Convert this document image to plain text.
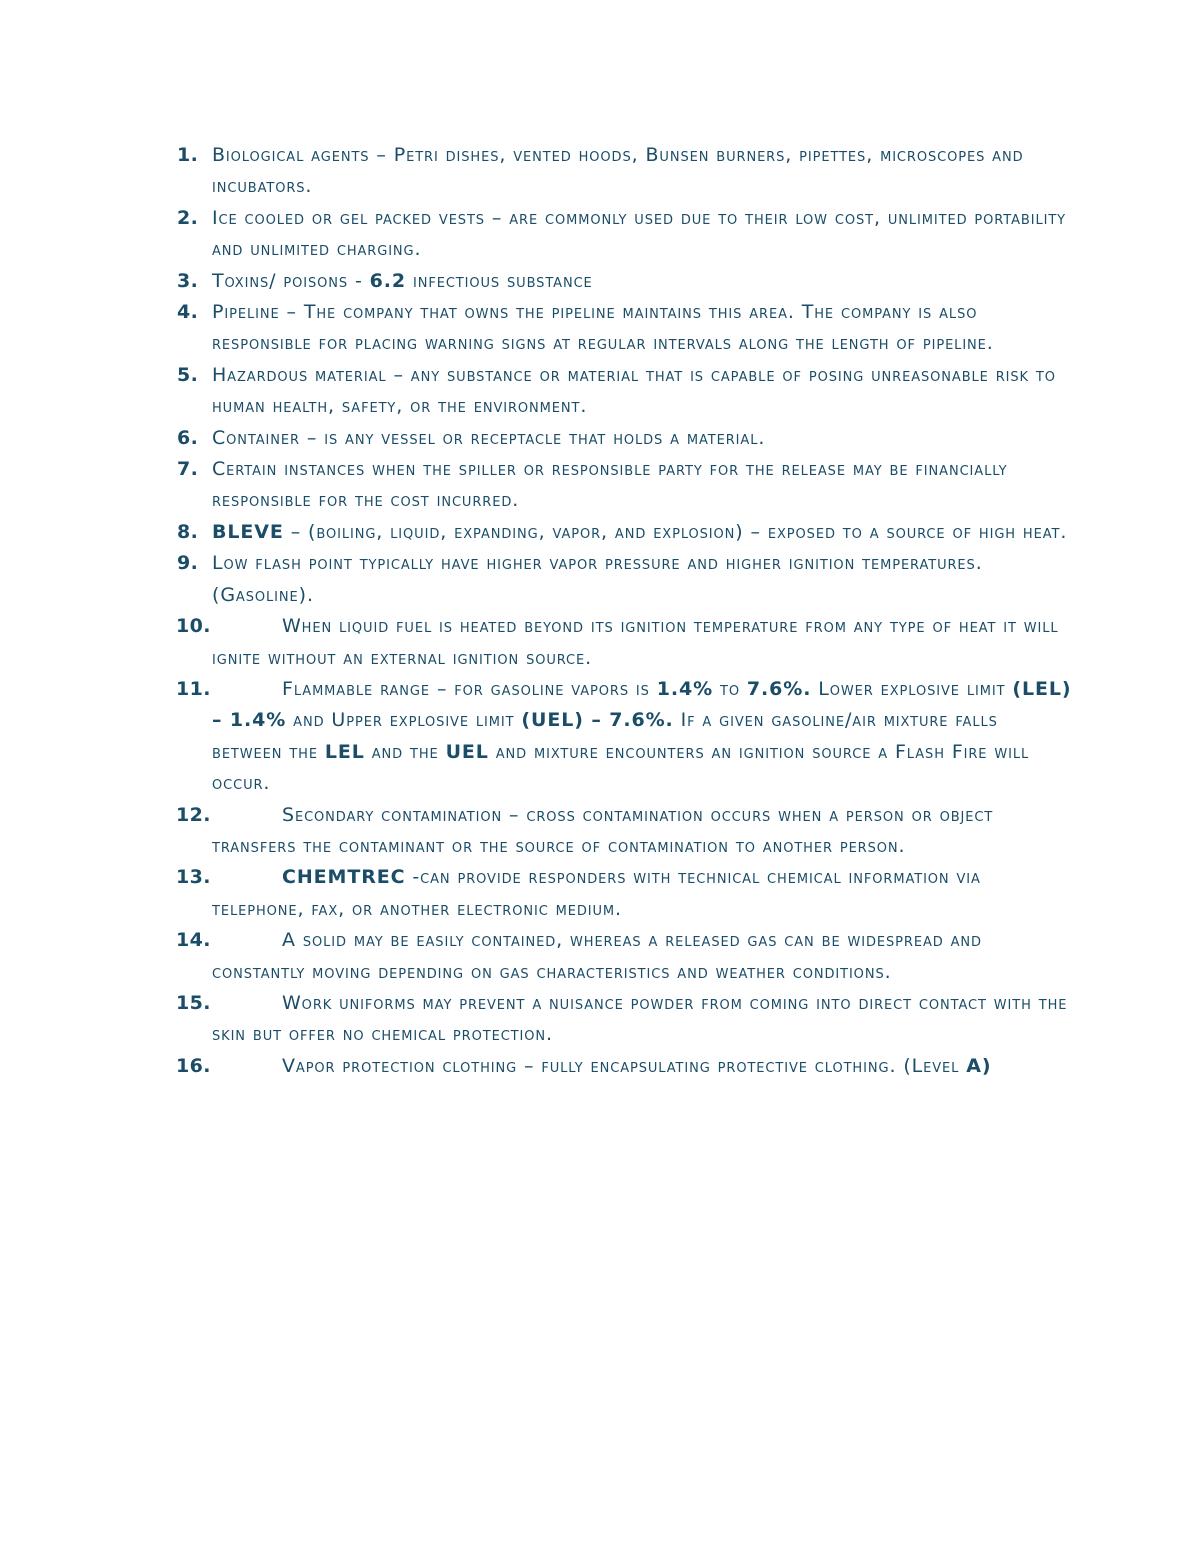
1. Biological agents – Petri dishes, vented hoods, Bunsen burners, pipettes, microscopes and incubators.
2. Ice cooled or gel packed vests – are commonly used due to their low cost, unlimited portability and unlimited charging.
3. Toxins/ poisons - 6.2 infectious substance
4. Pipeline – The company that owns the pipeline maintains this area. The company is also responsible for placing warning signs at regular intervals along the length of pipeline.
5. Hazardous material – any substance or material that is capable of posing unreasonable risk to human health, safety, or the environment.
6. Container – is any vessel or receptacle that holds a material.
7. Certain instances when the spiller or responsible party for the release may be financially responsible for the cost incurred.
8. BLEVE – (boiling, liquid, expanding, vapor, and explosion) – exposed to a source of high heat.
9. Low flash point typically have higher vapor pressure and higher ignition temperatures. (Gasoline).
10.	When liquid fuel is heated beyond its ignition temperature from any type of heat it will ignite without an external ignition source.
11.	Flammable range – for gasoline vapors is 1.4% to 7.6%. Lower explosive limit (LEL) – 1.4% and Upper explosive limit (UEL) – 7.6%. If a given gasoline/air mixture falls between the LEL and the UEL and mixture encounters an ignition source a Flash Fire will occur.
12.	Secondary contamination – cross contamination occurs when a person or object transfers the contaminant or the source of contamination to another person.
13.	CHEMTREC -can provide responders with technical chemical information via telephone, fax, or another electronic medium.
14.	A solid may be easily contained, whereas a released gas can be widespread and constantly moving depending on gas characteristics and weather conditions.
15.	Work uniforms may prevent a nuisance powder from coming into direct contact with the skin but offer no chemical protection.
16.	Vapor protection clothing – fully encapsulating protective clothing. (Level A)
